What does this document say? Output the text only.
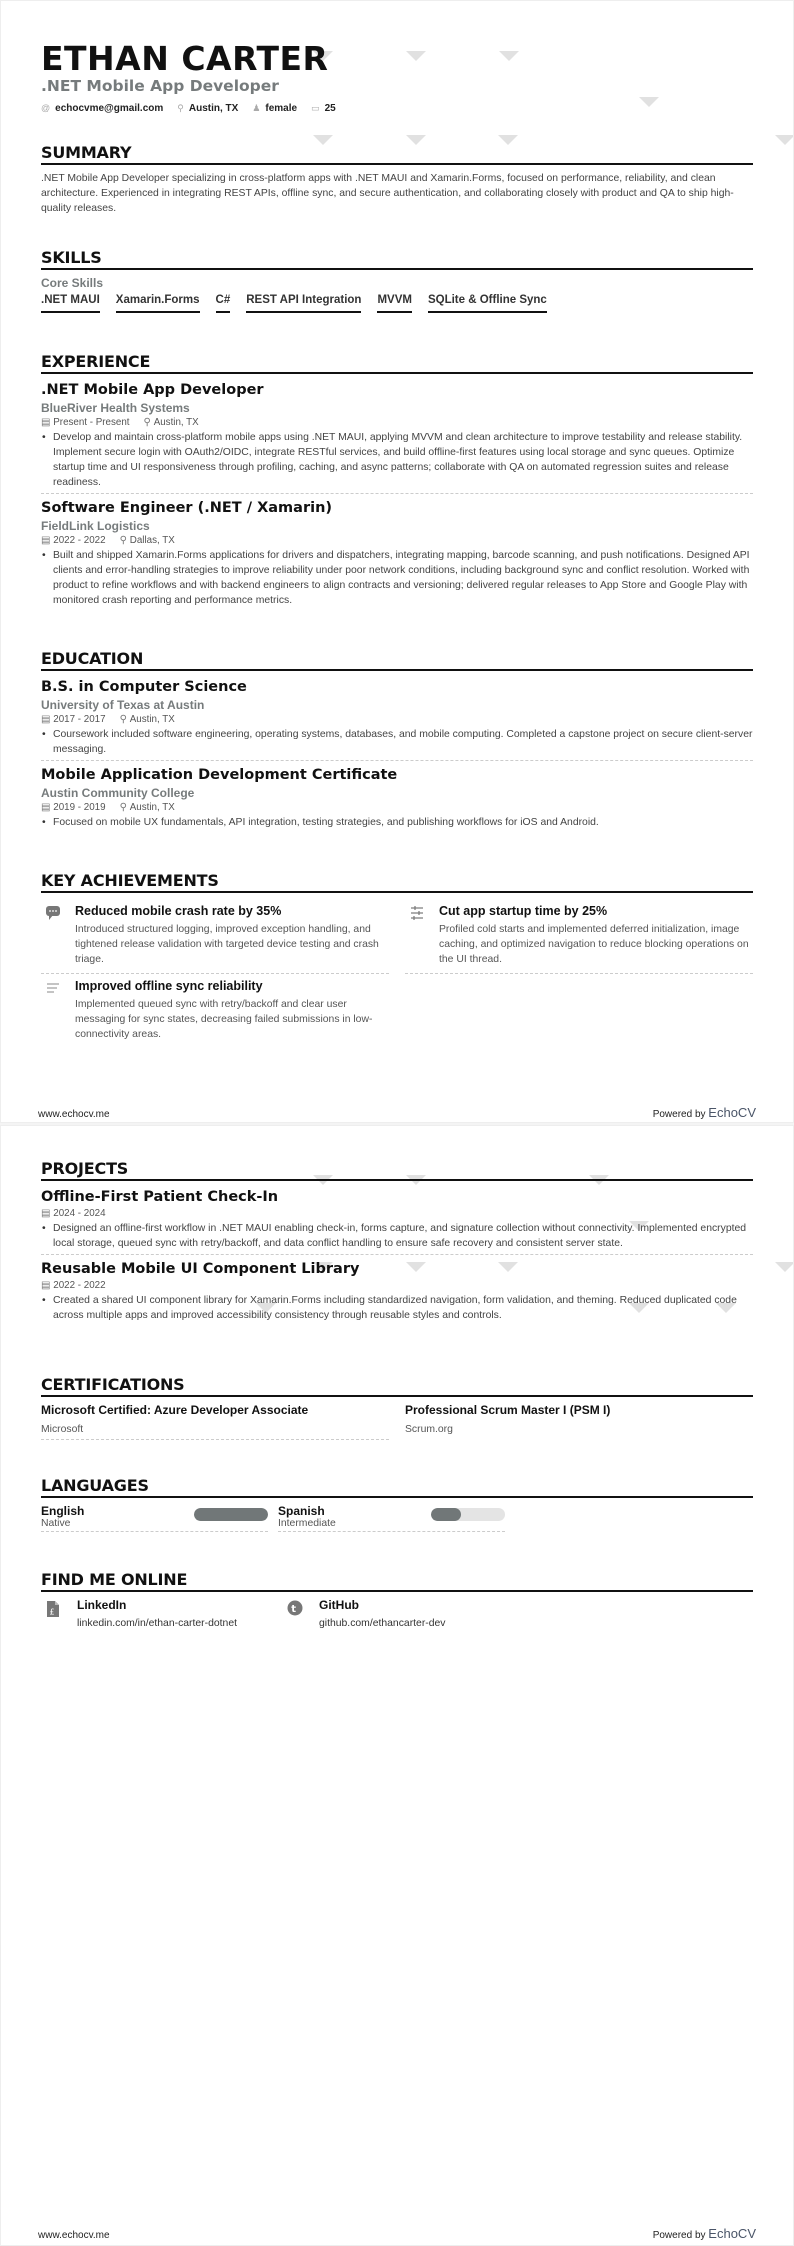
ETHAN CARTER
.NET Mobile App Developer
@ echocvme@gmail.com ⚲ Austin, TX ♟ female ▭ 25
SUMMARY
.NET Mobile App Developer specializing in cross-platform apps with .NET MAUI and Xamarin.Forms, focused on performance, reliability, and clean architecture. Experienced in integrating REST APIs, offline sync, and secure authentication, and collaborating closely with product and QA to ship high-quality releases.
SKILLS
Core Skills
.NET MAUI Xamarin.Forms C# REST API Integration MVVM SQLite & Offline Sync
EXPERIENCE
.NET Mobile App Developer
BlueRiver Health Systems
▤ Present - Present ⚲ Austin, TX
• Develop and maintain cross-platform mobile apps using .NET MAUI, applying MVVM and clean architecture to improve testability and release stability. Implement secure login with OAuth2/OIDC, integrate RESTful services, and build offline-first features using local storage and sync queues. Optimize startup time and UI responsiveness through profiling, caching, and async patterns; collaborate with QA on automated regression suites and release readiness.
Software Engineer (.NET / Xamarin)
FieldLink Logistics
▤ 2022 - 2022 ⚲ Dallas, TX
• Built and shipped Xamarin.Forms applications for drivers and dispatchers, integrating mapping, barcode scanning, and push notifications. Designed API clients and error-handling strategies to improve reliability under poor network conditions, including background sync and conflict resolution. Worked with product to refine workflows and with backend engineers to align contracts and versioning; delivered regular releases to App Store and Google Play with monitored crash reporting and performance metrics.
EDUCATION
B.S. in Computer Science
University of Texas at Austin
▤ 2017 - 2017 ⚲ Austin, TX
• Coursework included software engineering, operating systems, databases, and mobile computing. Completed a capstone project on secure client-server messaging.
Mobile Application Development Certificate
Austin Community College
▤ 2019 - 2019 ⚲ Austin, TX
• Focused on mobile UX fundamentals, API integration, testing strategies, and publishing workflows for iOS and Android.
KEY ACHIEVEMENTS
Reduced mobile crash rate by 35%
Introduced structured logging, improved exception handling, and tightened release validation with targeted device testing and crash triage.
Cut app startup time by 25%
Profiled cold starts and implemented deferred initialization, image caching, and optimized navigation to reduce blocking operations on the UI thread.
Improved offline sync reliability
Implemented queued sync with retry/backoff and clear user messaging for sync states, decreasing failed submissions in low-connectivity areas.
www.echocv.me	Powered by EchoCV
PROJECTS
Offline-First Patient Check-In
▤ 2024 - 2024
• Designed an offline-first workflow in .NET MAUI enabling check-in, forms capture, and signature collection without connectivity. Implemented encrypted local storage, queued sync with retry/backoff, and data conflict handling to ensure safe recovery and consistent server state.
Reusable Mobile UI Component Library
▤ 2022 - 2022
• Created a shared UI component library for Xamarin.Forms including standardized navigation, form validation, and theming. Reduced duplicated code across multiple apps and improved accessibility consistency through reusable styles and controls.
CERTIFICATIONS
Microsoft Certified: Azure Developer Associate
Microsoft
Professional Scrum Master I (PSM I)
Scrum.org
LANGUAGES
English
Native
Spanish
Intermediate
FIND ME ONLINE
£ LinkedIn
linkedin.com/in/ethan-carter-dotnet
t GitHub
github.com/ethancarter-dev
www.echocv.me	Powered by EchoCV
